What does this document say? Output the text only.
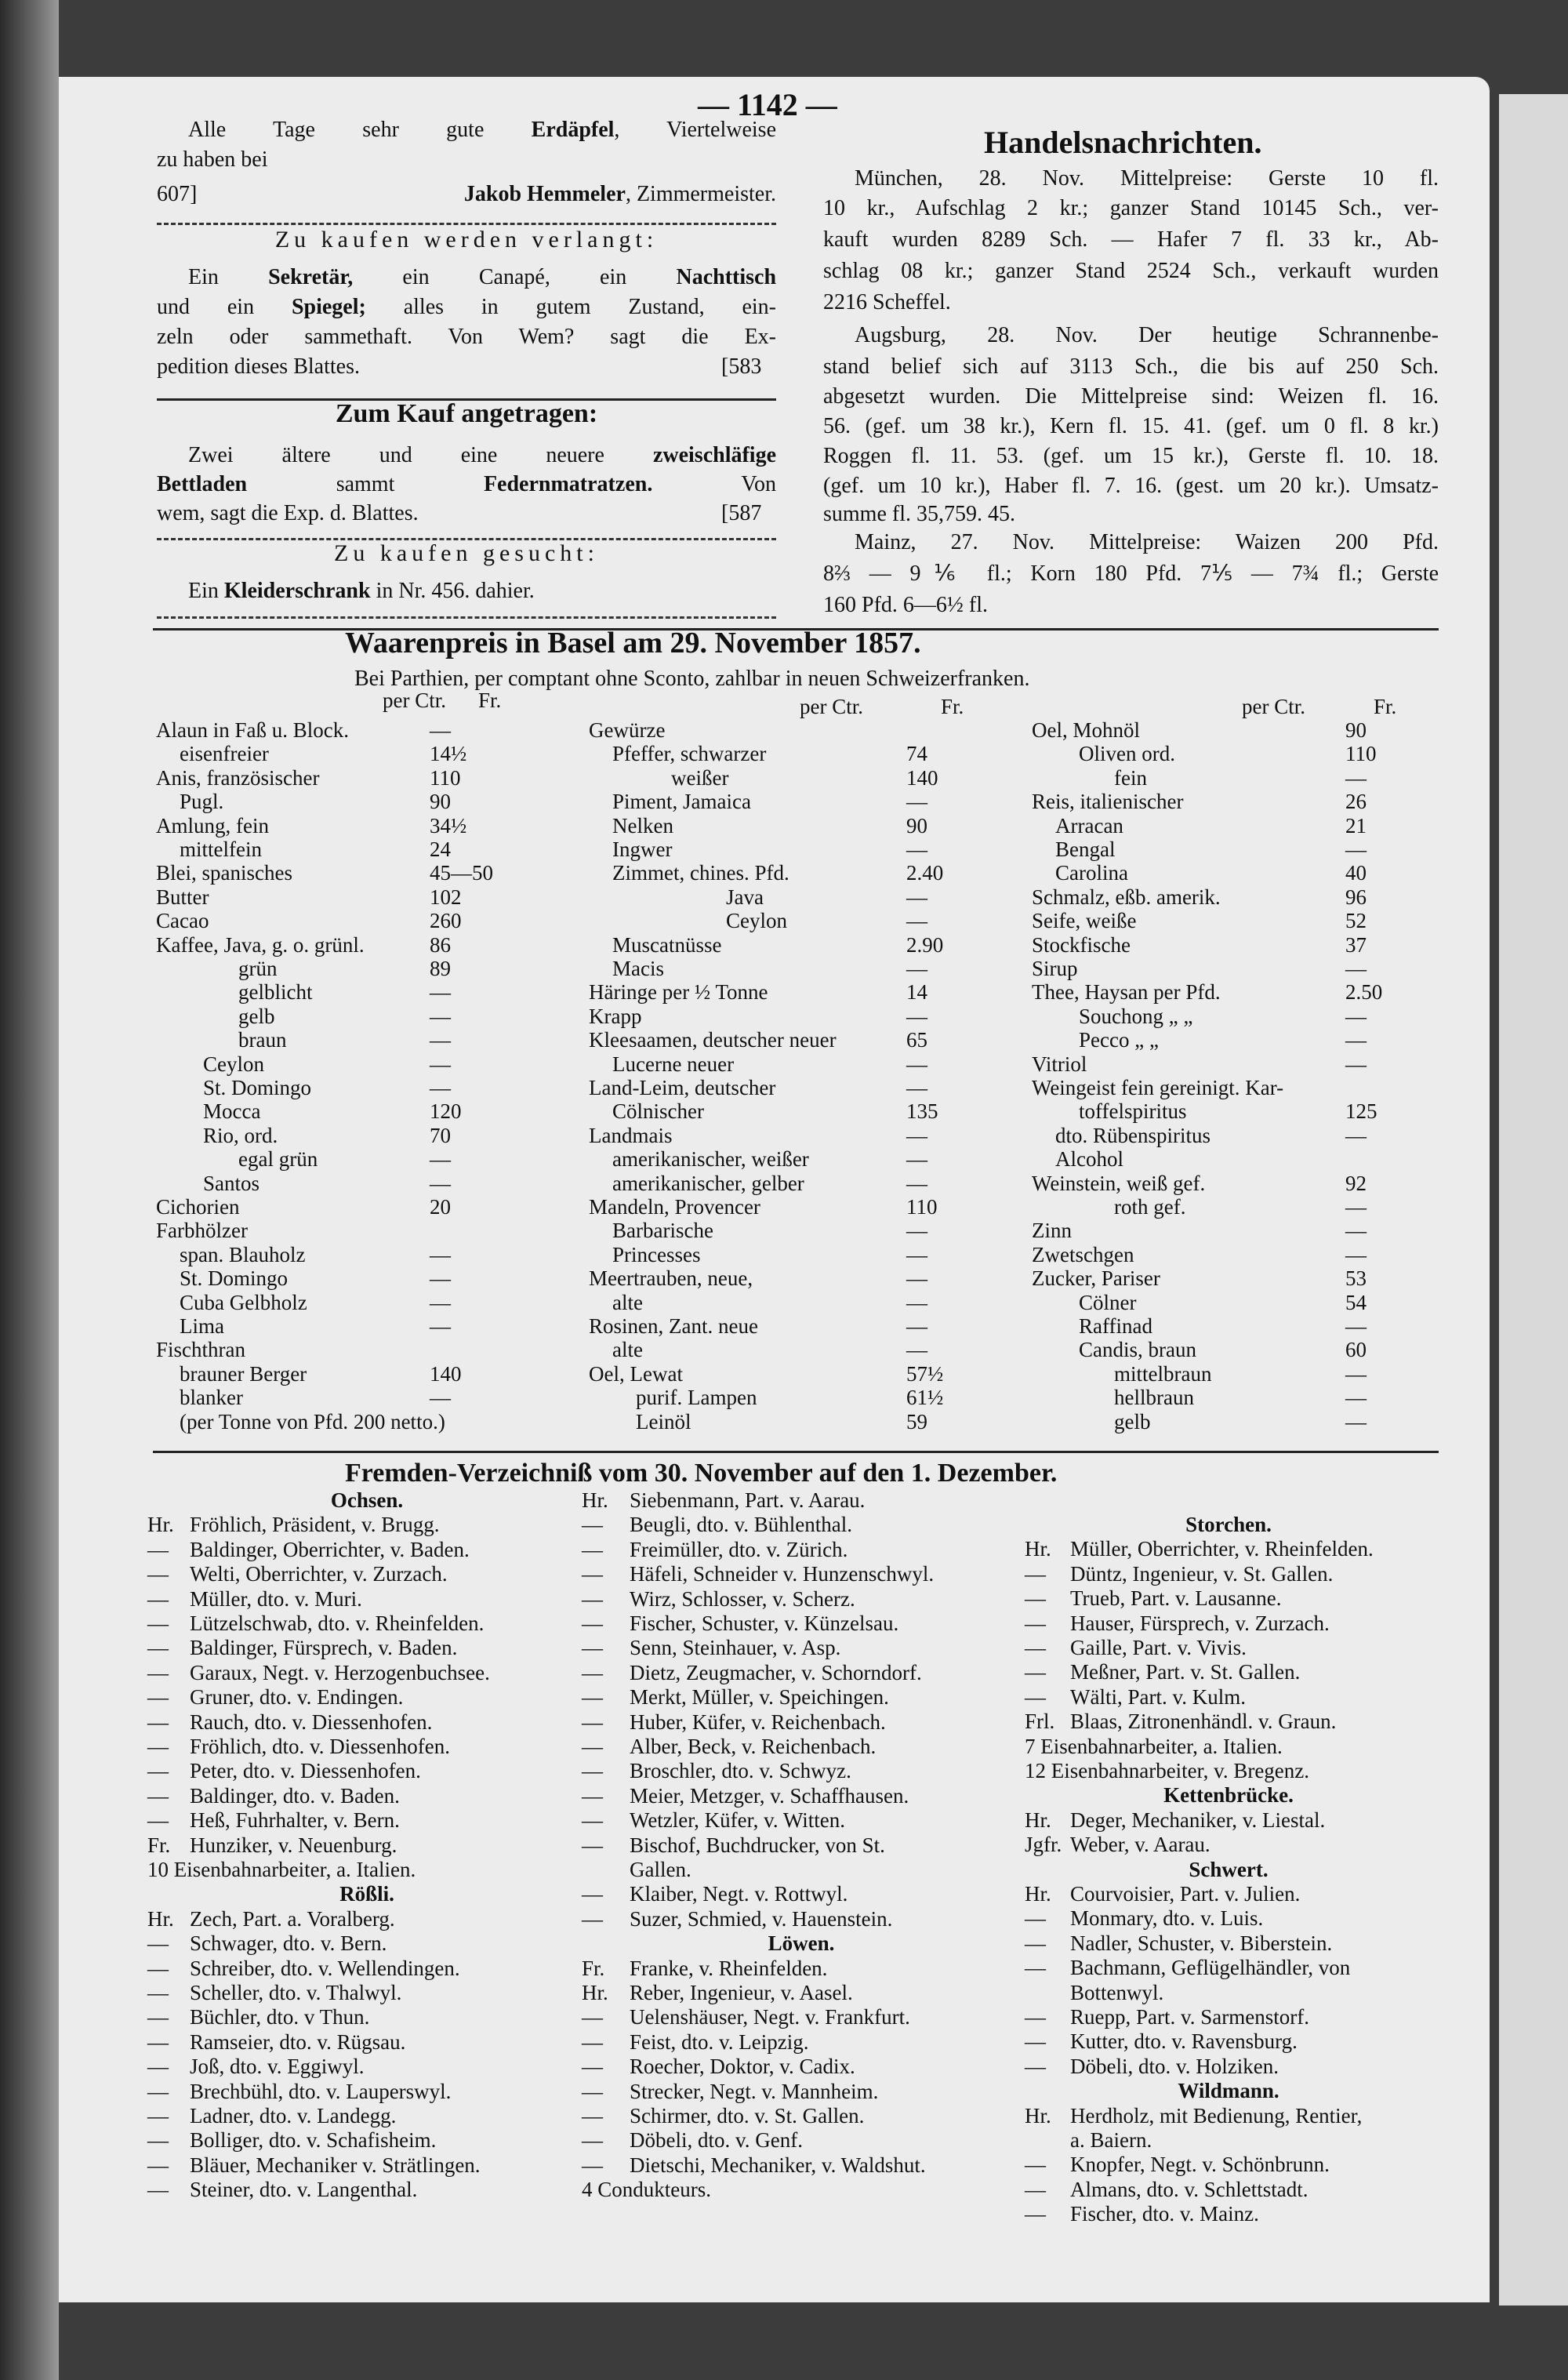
— 1142 —
Alle Tage sehr gute Erdäpfel, Viertelweise
zu haben bei
607]	Jakob Hemmeler, Zimmermeister.
Zu kaufen werden verlangt:
Ein Sekretär, ein Canapé, ein Nachttisch
und ein Spiegel; alles in gutem Zustand, ein-
zeln oder sammethaft. Von Wem? sagt die Ex-
pedition dieses Blattes.	[583
Zum Kauf angetragen:
Zwei ältere und eine neuere zweischläfige
Bettladen sammt Federnmatratzen. Von
wem, sagt die Exp. d. Blattes.	[587
Zu kaufen gesucht:
Ein Kleiderschrank in Nr. 456. dahier.
Handelsnachrichten.
München, 28. Nov. Mittelpreise: Gerste 10 fl.
10 kr., Aufschlag 2 kr.; ganzer Stand 10145 Sch., ver-
kauft wurden 8289 Sch. — Hafer 7 fl. 33 kr., Ab-
schlag 08 kr.; ganzer Stand 2524 Sch., verkauft wurden
2216 Scheffel.
Augsburg, 28. Nov. Der heutige Schrannenbe-
stand belief sich auf 3113 Sch., die bis auf 250 Sch.
abgesetzt wurden. Die Mittelpreise sind: Weizen fl. 16.
56. (gef. um 38 kr.), Kern fl. 15. 41. (gef. um 0 fl. 8 kr.)
Roggen fl. 11. 53. (gef. um 15 kr.), Gerste fl. 10. 18.
(gef. um 10 kr.), Haber fl. 7. 16. (gest. um 20 kr.). Umsatz-
summe fl. 35,759. 45.
Mainz, 27. Nov. Mittelpreise: Waizen 200 Pfd.
8⅔ — 9⅙ fl.; Korn 180 Pfd. 7⅕ — 7¾ fl.; Gerste
160 Pfd. 6—6½ fl.
Waarenpreis in Basel am 29. November 1857.
Bei Parthien, per comptant ohne Sconto, zahlbar in neuen Schweizerfranken.
per Ctr. Fr.
Alaun in Faß u. Block.	—
eisenfreier	14½
Anis, französischer	110
Pugl.	90
Amlung, fein	34½
mittelfein	24
Blei, spanisches	45—50
Butter	102
Cacao	260
Kaffee, Java, g. o. grünl.	86
grün	89
gelblicht	—
gelb	—
braun	—
Ceylon	—
St. Domingo	—
Mocca	120
Rio, ord.	70
egal grün	—
Santos	—
Cichorien	20
Farbhölzer
span. Blauholz	—
St. Domingo	—
Cuba Gelbholz	—
Lima	—
Fischthran
brauner Berger	140
blanker	—
(per Tonne von Pfd. 200 netto.)
per Ctr.	Fr.
Gewürze
Pfeffer, schwarzer	74
weißer	140
Piment, Jamaica	—
Nelken	90
Ingwer	—
Zimmet, chines. Pfd.	2.40
Java	—
Ceylon	—
Muscatnüsse	2.90
Macis	—
Häringe per ½ Tonne	14
Krapp	—
Kleesaamen, deutscher neuer	65
Lucerne neuer	—
Land-Leim, deutscher	—
Cölnischer	135
Landmais	—
amerikanischer, weißer	—
amerikanischer, gelber	—
Mandeln, Provencer	110
Barbarische	—
Princesses	—
Meertrauben, neue,	—
alte	—
Rosinen, Zant. neue	—
alte	—
Oel, Lewat	57½
purif. Lampen	61½
Leinöl	59
per Ctr.	Fr.
Oel, Mohnöl	90
Oliven ord.	110
fein	—
Reis, italienischer	26
Arracan	21
Bengal	—
Carolina	40
Schmalz, eßb. amerik.	96
Seife, weiße	52
Stockfische	37
Sirup	—
Thee, Haysan per Pfd.	2.50
Souchong „ „	—
Pecco „ „	—
Vitriol	—
Weingeist fein gereinigt. Kar-
toffelspiritus	125
dto. Rübenspiritus	—
Alcohol
Weinstein, weiß gef.	92
roth gef.	—
Zinn	—
Zwetschgen	—
Zucker, Pariser	53
Cölner	54
Raffinad	—
Candis, braun	60
mittelbraun	—
hellbraun	—
gelb	—
Fremden-Verzeichniß vom 30. November auf den 1. Dezember.
Ochsen.
Hr. Fröhlich, Präsident, v. Brugg.
— Baldinger, Oberrichter, v. Baden.
— Welti, Oberrichter, v. Zurzach.
— Müller, dto. v. Muri.
— Lützelschwab, dto. v. Rheinfelden.
— Baldinger, Fürsprech, v. Baden.
— Garaux, Negt. v. Herzogenbuchsee.
— Gruner, dto. v. Endingen.
— Rauch, dto. v. Diessenhofen.
— Fröhlich, dto. v. Diessenhofen.
— Peter, dto. v. Diessenhofen.
— Baldinger, dto. v. Baden.
— Heß, Fuhrhalter, v. Bern.
Fr. Hunziker, v. Neuenburg.
10 Eisenbahnarbeiter, a. Italien.
Rößli.
Hr. Zech, Part. a. Voralberg.
— Schwager, dto. v. Bern.
— Schreiber, dto. v. Wellendingen.
— Scheller, dto. v. Thalwyl.
— Büchler, dto. v Thun.
— Ramseier, dto. v. Rügsau.
— Joß, dto. v. Eggiwyl.
— Brechbühl, dto. v. Lauperswyl.
— Ladner, dto. v. Landegg.
— Bolliger, dto. v. Schafisheim.
— Bläuer, Mechaniker v. Strätlingen.
— Steiner, dto. v. Langenthal.
Hr. Siebenmann, Part. v. Aarau.
— Beugli, dto. v. Bühlenthal.
— Freimüller, dto. v. Zürich.
— Häfeli, Schneider v. Hunzenschwyl.
— Wirz, Schlosser, v. Scherz.
— Fischer, Schuster, v. Künzelsau.
— Senn, Steinhauer, v. Asp.
— Dietz, Zeugmacher, v. Schorndorf.
— Merkt, Müller, v. Speichingen.
— Huber, Küfer, v. Reichenbach.
— Alber, Beck, v. Reichenbach.
— Broschler, dto. v. Schwyz.
— Meier, Metzger, v. Schaffhausen.
— Wetzler, Küfer, v. Witten.
— Bischof, Buchdrucker, von St.
Gallen.
— Klaiber, Negt. v. Rottwyl.
— Suzer, Schmied, v. Hauenstein.
Löwen.
Fr. Franke, v. Rheinfelden.
Hr. Reber, Ingenieur, v. Aasel.
— Uelenshäuser, Negt. v. Frankfurt.
— Feist, dto. v. Leipzig.
— Roecher, Doktor, v. Cadix.
— Strecker, Negt. v. Mannheim.
— Schirmer, dto. v. St. Gallen.
— Döbeli, dto. v. Genf.
— Dietschi, Mechaniker, v. Waldshut.
4 Condukteurs.
Storchen.
Hr. Müller, Oberrichter, v. Rheinfelden.
— Düntz, Ingenieur, v. St. Gallen.
— Trueb, Part. v. Lausanne.
— Hauser, Fürsprech, v. Zurzach.
— Gaille, Part. v. Vivis.
— Meßner, Part. v. St. Gallen.
— Wälti, Part. v. Kulm.
Frl. Blaas, Zitronenhändl. v. Graun.
7 Eisenbahnarbeiter, a. Italien.
12 Eisenbahnarbeiter, v. Bregenz.
Kettenbrücke.
Hr. Deger, Mechaniker, v. Liestal.
Jgfr. Weber, v. Aarau.
Schwert.
Hr. Courvoisier, Part. v. Julien.
— Monmary, dto. v. Luis.
— Nadler, Schuster, v. Biberstein.
— Bachmann, Geflügelhändler, von
Bottenwyl.
— Ruepp, Part. v. Sarmenstorf.
— Kutter, dto. v. Ravensburg.
— Döbeli, dto. v. Holziken.
Wildmann.
Hr. Herdholz, mit Bedienung, Rentier,
a. Baiern.
— Knopfer, Negt. v. Schönbrunn.
— Almans, dto. v. Schlettstadt.
— Fischer, dto. v. Mainz.
